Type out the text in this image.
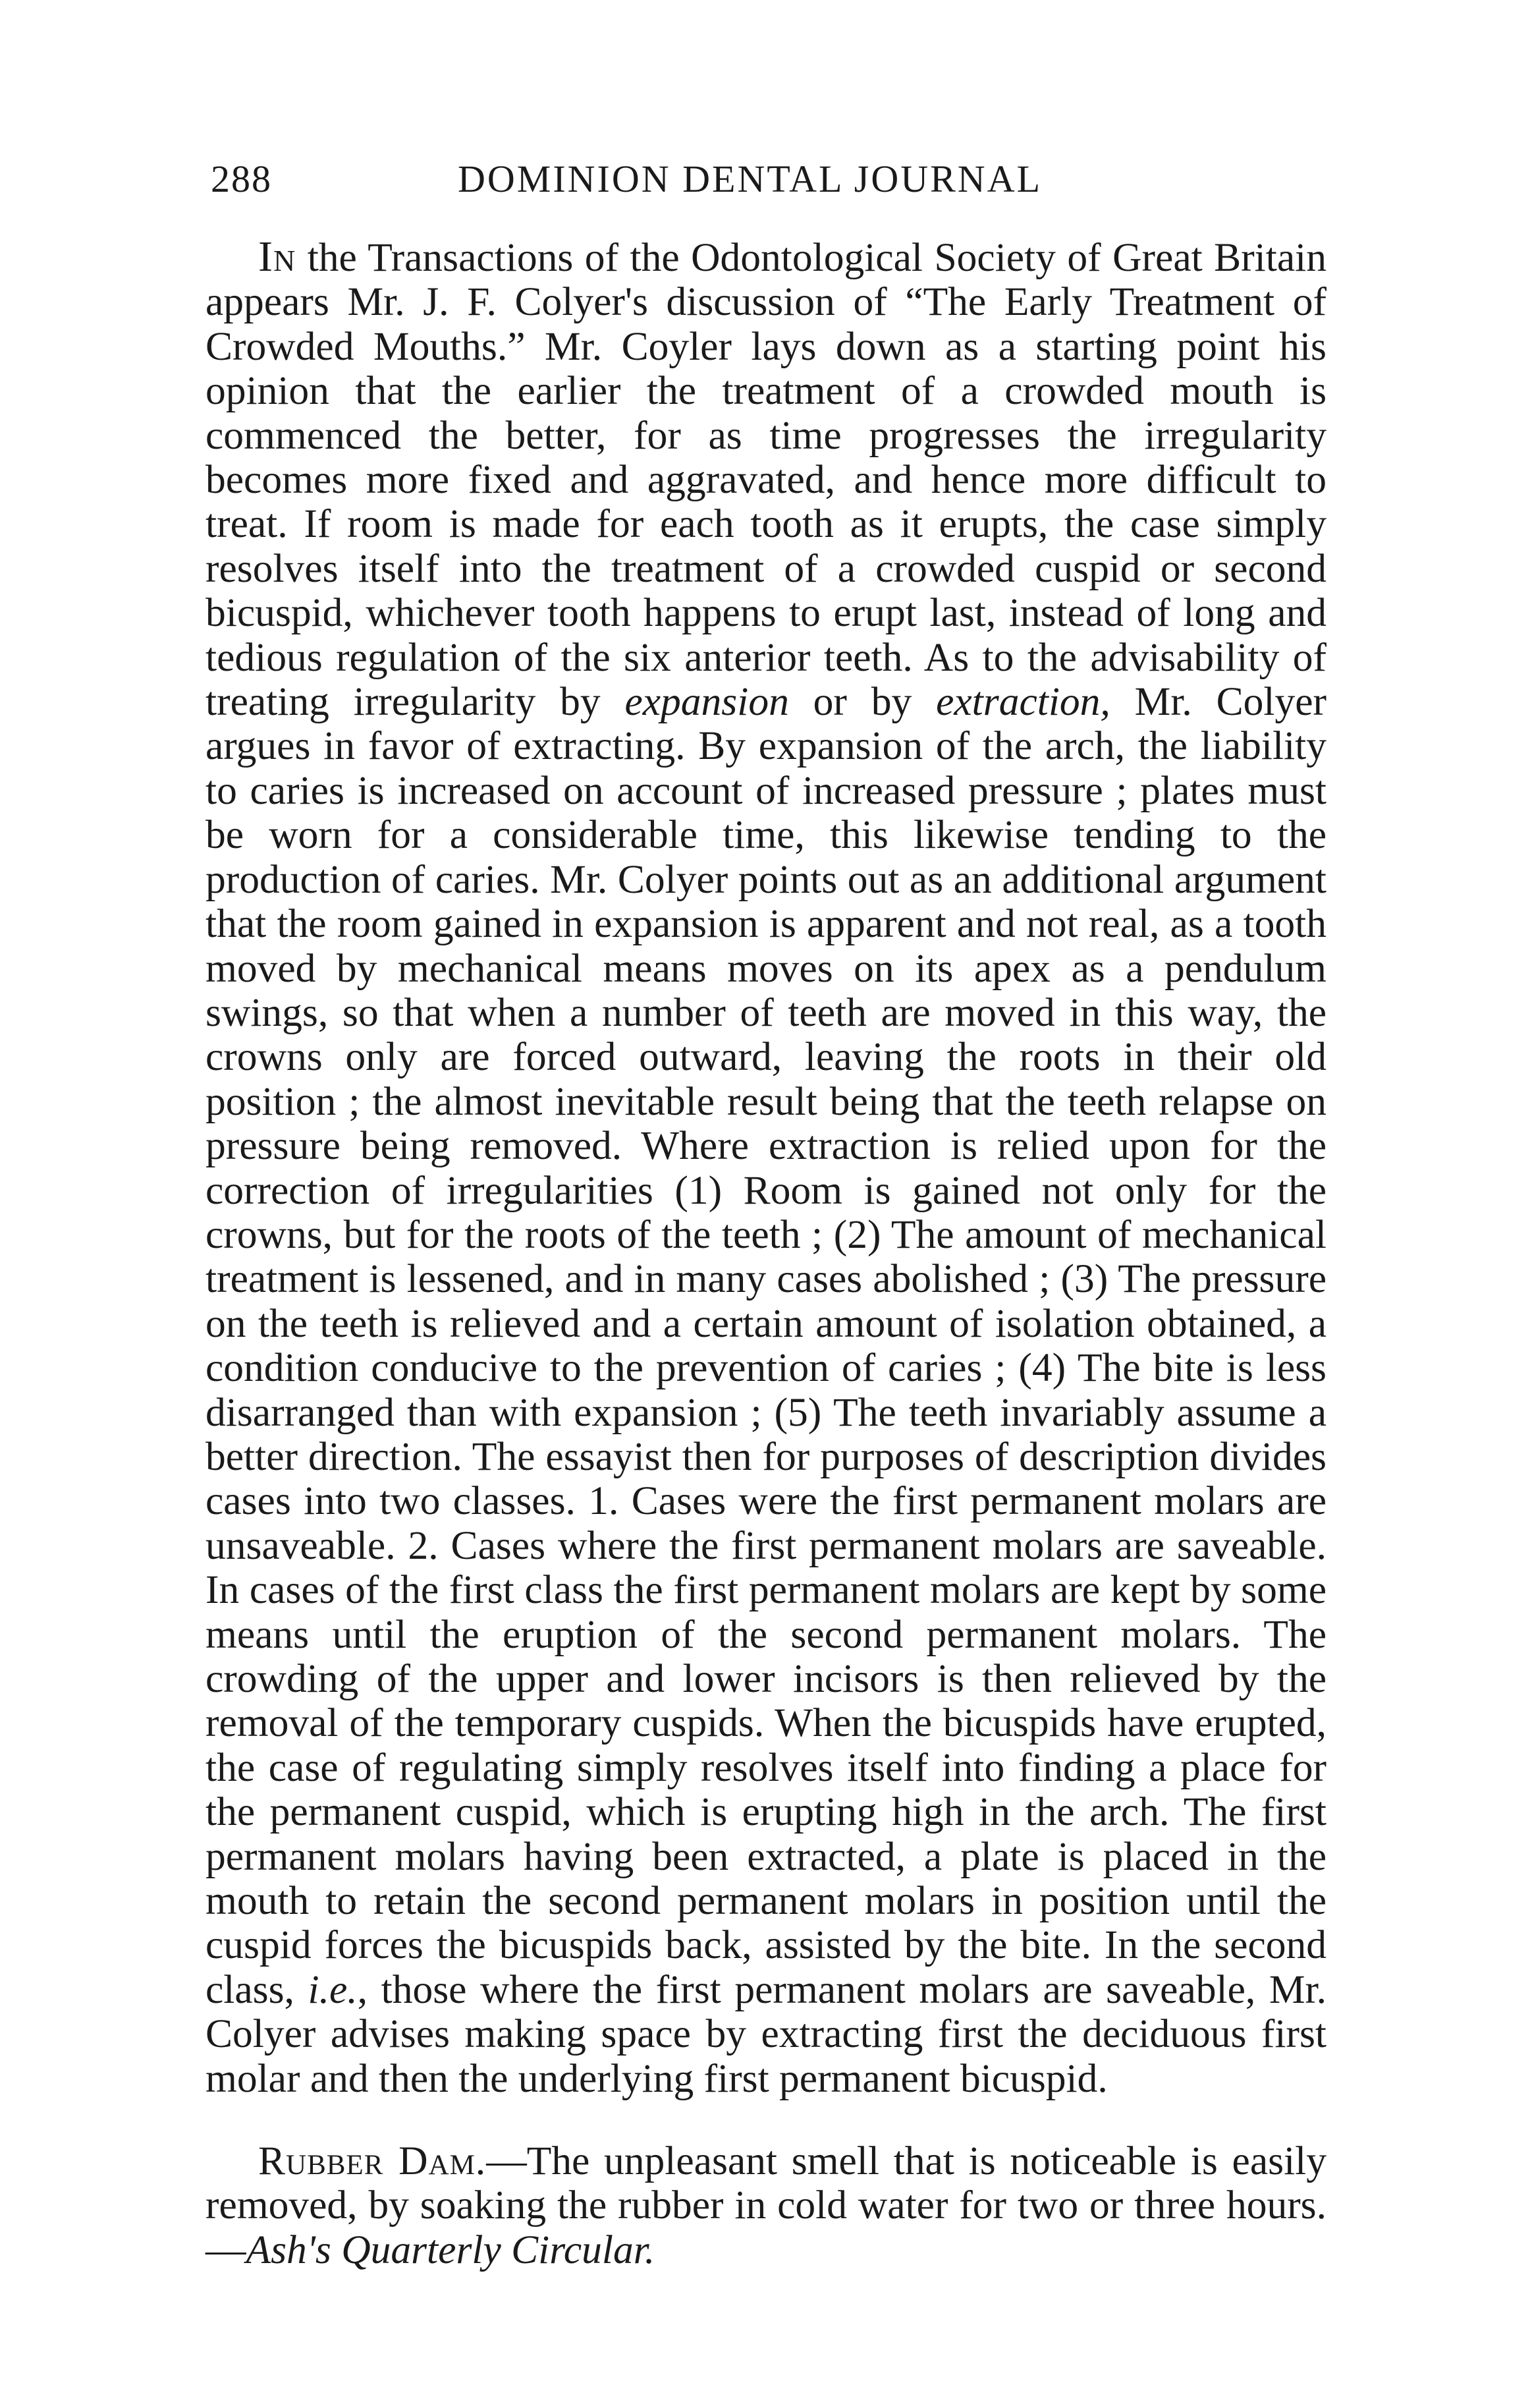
288	DOMINION DENTAL JOURNAL

In the Transactions of the Odontological Society of Great Britain appears Mr. J. F. Colyer's discussion of “The Early Treatment of Crowded Mouths.” Mr. Coyler lays down as a starting point his opinion that the earlier the treatment of a crowded mouth is commenced the better, for as time progresses the irregularity becomes more fixed and aggravated, and hence more difficult to treat. If room is made for each tooth as it erupts, the case simply resolves itself into the treatment of a crowded cuspid or second bicuspid, whichever tooth happens to erupt last, instead of long and tedious regulation of the six anterior teeth. As to the advisability of treating irregularity by expansion or by extraction, Mr. Colyer argues in favor of extracting. By expansion of the arch, the liability to caries is increased on account of increased pressure ; plates must be worn for a considerable time, this likewise tending to the production of caries. Mr. Colyer points out as an additional argument that the room gained in expansion is apparent and not real, as a tooth moved by mechanical means moves on its apex as a pendulum swings, so that when a number of teeth are moved in this way, the crowns only are forced outward, leaving the roots in their old position ; the almost inevitable result being that the teeth relapse on pressure being removed. Where extraction is relied upon for the correction of irregularities (1) Room is gained not only for the crowns, but for the roots of the teeth ; (2) The amount of mechanical treatment is lessened, and in many cases abolished ; (3) The pressure on the teeth is relieved and a certain amount of isolation obtained, a condition conducive to the prevention of caries ; (4) The bite is less disarranged than with expansion ; (5) The teeth invariably assume a better direction. The essayist then for purposes of description divides cases into two classes. 1. Cases were the first permanent molars are unsaveable. 2. Cases where the first permanent molars are saveable. In cases of the first class the first permanent molars are kept by some means until the eruption of the second permanent molars. The crowding of the upper and lower incisors is then relieved by the removal of the temporary cuspids. When the bicuspids have erupted, the case of regulating simply resolves itself into finding a place for the permanent cuspid, which is erupting high in the arch. The first permanent molars having been extracted, a plate is placed in the mouth to retain the second permanent molars in position until the cuspid forces the bicuspids back, assisted by the bite. In the second class, i.e., those where the first permanent molars are saveable, Mr. Colyer advises making space by extracting first the deciduous first molar and then the underlying first permanent bicuspid.

Rubber Dam.—The unpleasant smell that is noticeable is easily removed, by soaking the rubber in cold water for two or three hours.—Ash's Quarterly Circular.
